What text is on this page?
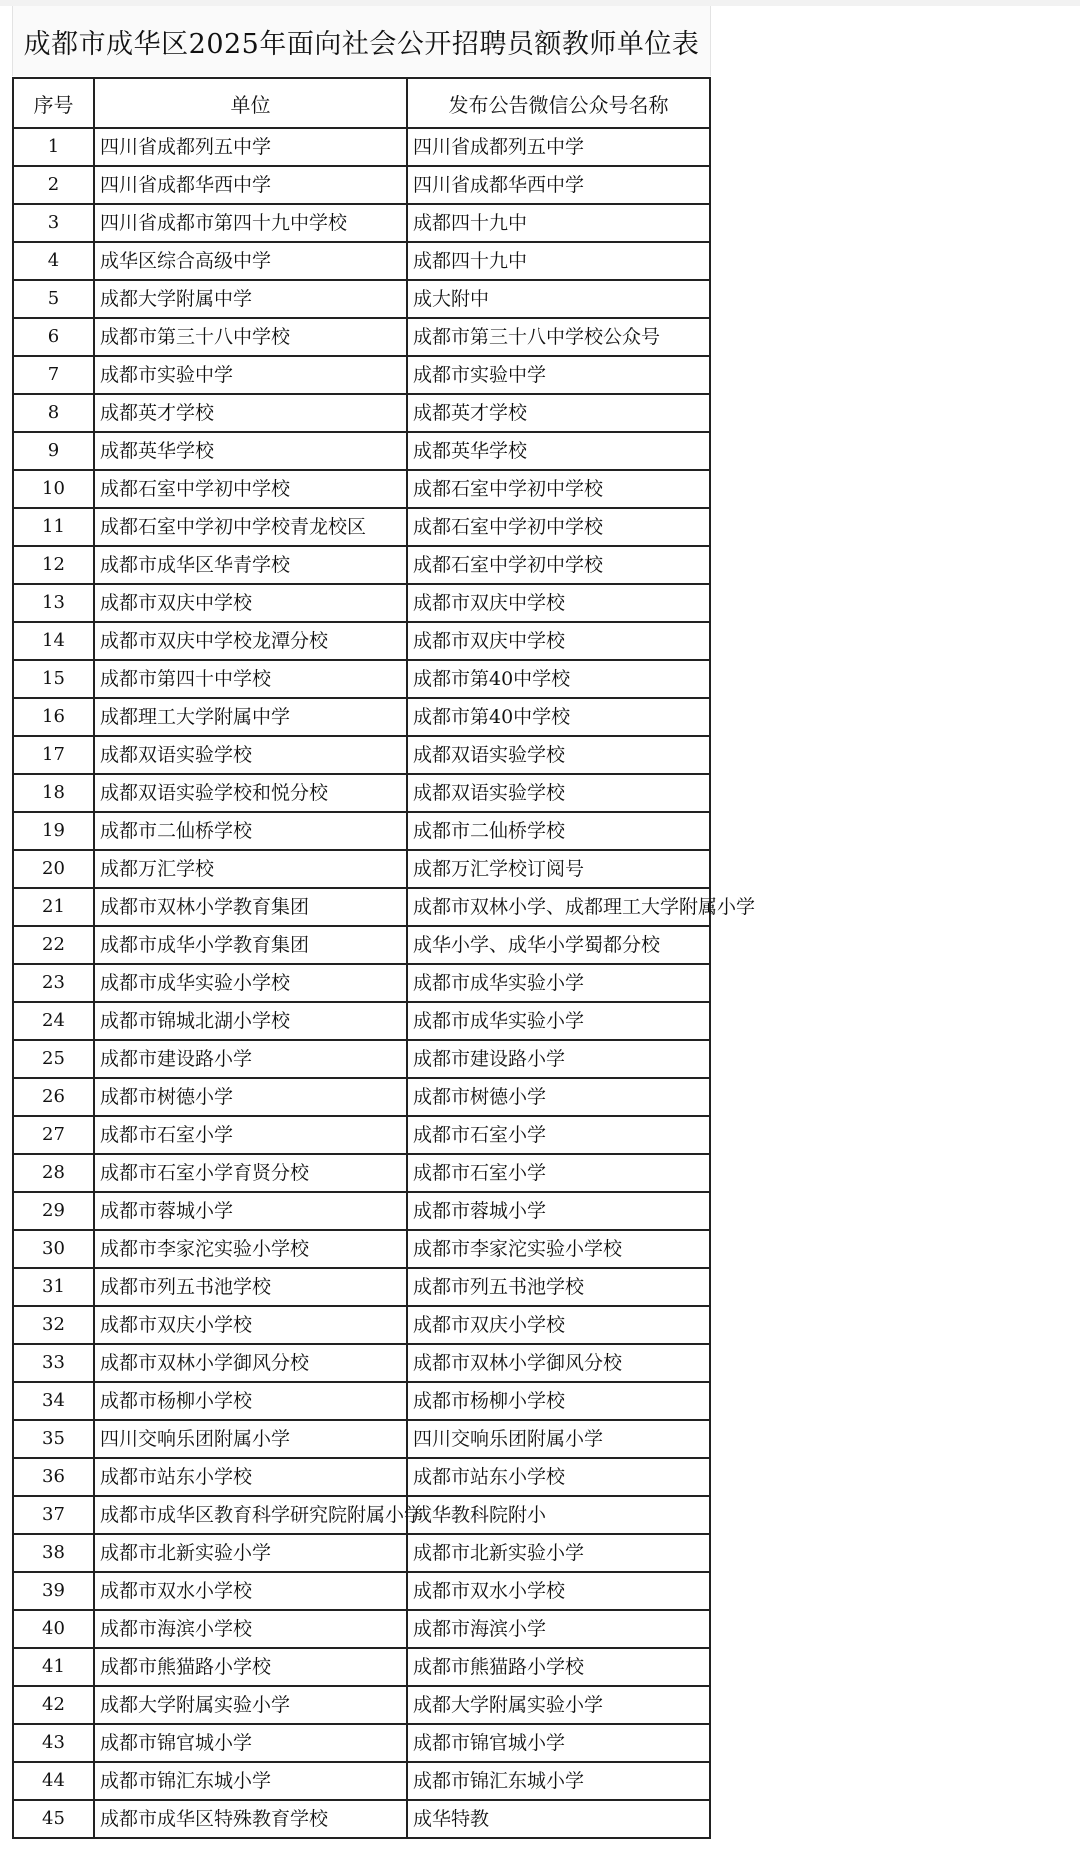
成都市成华区2025年面向社会公开招聘员额教师单位表
序号	单位	发布公告微信公众号名称
1	四川省成都列五中学	四川省成都列五中学
2	四川省成都华西中学	四川省成都华西中学
3	四川省成都市第四十九中学校	成都四十九中
4	成华区综合高级中学	成都四十九中
5	成都大学附属中学	成大附中
6	成都市第三十八中学校	成都市第三十八中学校公众号
7	成都市实验中学	成都市实验中学
8	成都英才学校	成都英才学校
9	成都英华学校	成都英华学校
10	成都石室中学初中学校	成都石室中学初中学校
11	成都石室中学初中学校青龙校区	成都石室中学初中学校
12	成都市成华区华青学校	成都石室中学初中学校
13	成都市双庆中学校	成都市双庆中学校
14	成都市双庆中学校龙潭分校	成都市双庆中学校
15	成都市第四十中学校	成都市第40中学校
16	成都理工大学附属中学	成都市第40中学校
17	成都双语实验学校	成都双语实验学校
18	成都双语实验学校和悦分校	成都双语实验学校
19	成都市二仙桥学校	成都市二仙桥学校
20	成都万汇学校	成都万汇学校订阅号
21	成都市双林小学教育集团	成都市双林小学、成都理工大学附属小学
22	成都市成华小学教育集团	成华小学、成华小学蜀都分校
23	成都市成华实验小学校	成都市成华实验小学
24	成都市锦城北湖小学校	成都市成华实验小学
25	成都市建设路小学	成都市建设路小学
26	成都市树德小学	成都市树德小学
27	成都市石室小学	成都市石室小学
28	成都市石室小学育贤分校	成都市石室小学
29	成都市蓉城小学	成都市蓉城小学
30	成都市李家沱实验小学校	成都市李家沱实验小学校
31	成都市列五书池学校	成都市列五书池学校
32	成都市双庆小学校	成都市双庆小学校
33	成都市双林小学御风分校	成都市双林小学御风分校
34	成都市杨柳小学校	成都市杨柳小学校
35	四川交响乐团附属小学	四川交响乐团附属小学
36	成都市站东小学校	成都市站东小学校
37	成都市成华区教育科学研究院附属小学	成华教科院附小
38	成都市北新实验小学	成都市北新实验小学
39	成都市双水小学校	成都市双水小学校
40	成都市海滨小学校	成都市海滨小学
41	成都市熊猫路小学校	成都市熊猫路小学校
42	成都大学附属实验小学	成都大学附属实验小学
43	成都市锦官城小学	成都市锦官城小学
44	成都市锦汇东城小学	成都市锦汇东城小学
45	成都市成华区特殊教育学校	成华特教
